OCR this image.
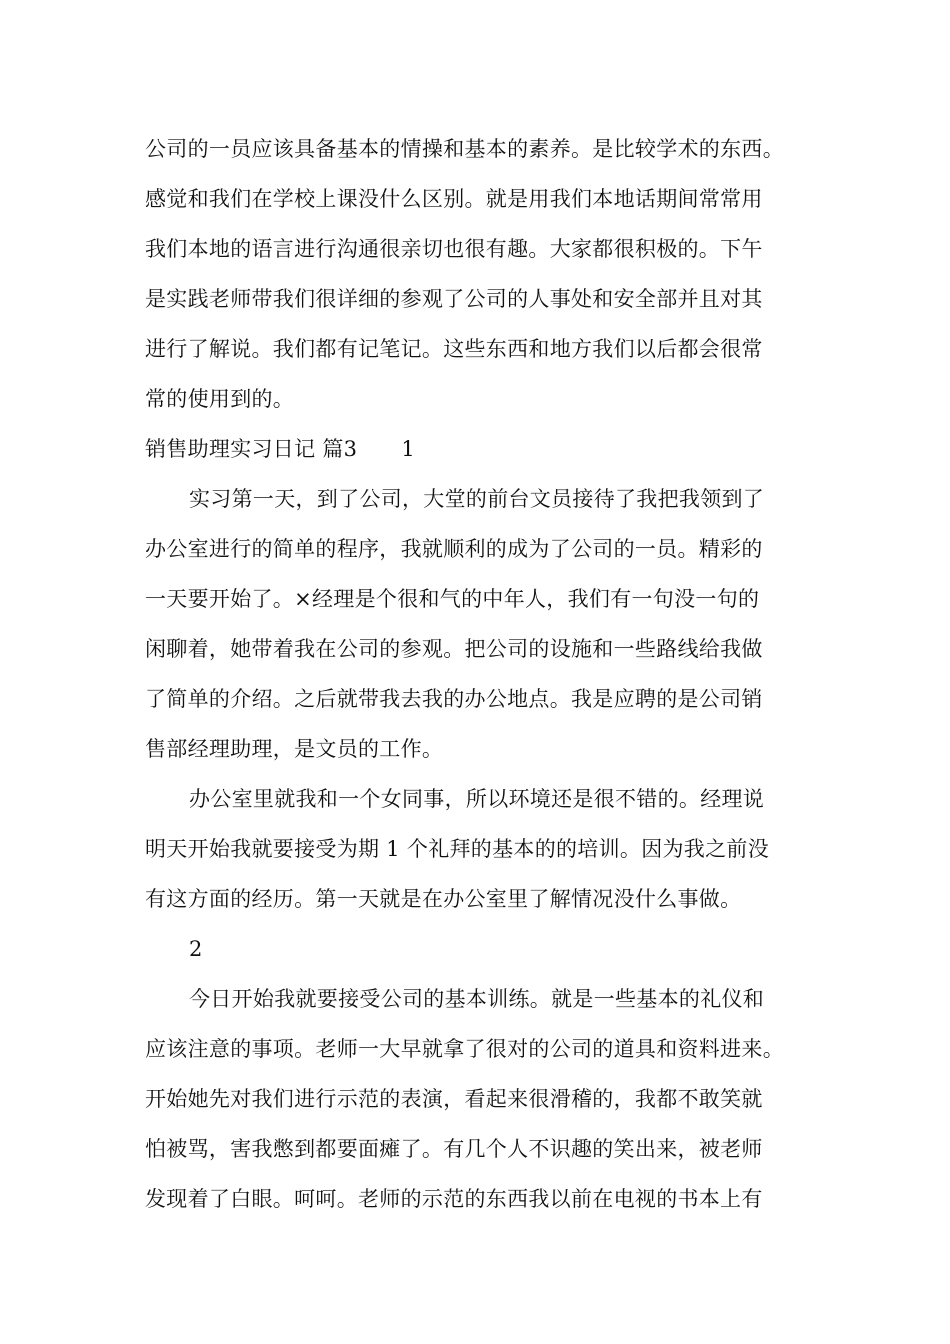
公司的一员应该具备基本的情操和基本的素养。是比较学术的东西。
感觉和我们在学校上课没什么区别。就是用我们本地话期间常常用
我们本地的语言进行沟通很亲切也很有趣。大家都很积极的。下午
是实践老师带我们很详细的参观了公司的人事处和安全部并且对其
进行了解说。我们都有记笔记。这些东西和地方我们以后都会很常
常的使用到的。
销售助理实习日记 篇3 1
实习第一天，到了公司，大堂的前台文员接待了我把我领到了
办公室进行的简单的程序，我就顺利的成为了公司的一员。精彩的
一天要开始了。×经理是个很和气的中年人，我们有一句没一句的
闲聊着，她带着我在公司的参观。把公司的设施和一些路线给我做
了简单的介绍。之后就带我去我的办公地点。我是应聘的是公司销
售部经理助理，是文员的工作。
办公室里就我和一个女同事，所以环境还是很不错的。经理说
明天开始我就要接受为期 1 个礼拜的基本的的培训。因为我之前没
有这方面的经历。第一天就是在办公室里了解情况没什么事做。
2
今日开始我就要接受公司的基本训练。就是一些基本的礼仪和
应该注意的事项。老师一大早就拿了很对的公司的道具和资料进来。
开始她先对我们进行示范的表演，看起来很滑稽的，我都不敢笑就
怕被骂，害我憋到都要面瘫了。有几个人不识趣的笑出来，被老师
发现着了白眼。呵呵。老师的示范的东西我以前在电视的书本上有
